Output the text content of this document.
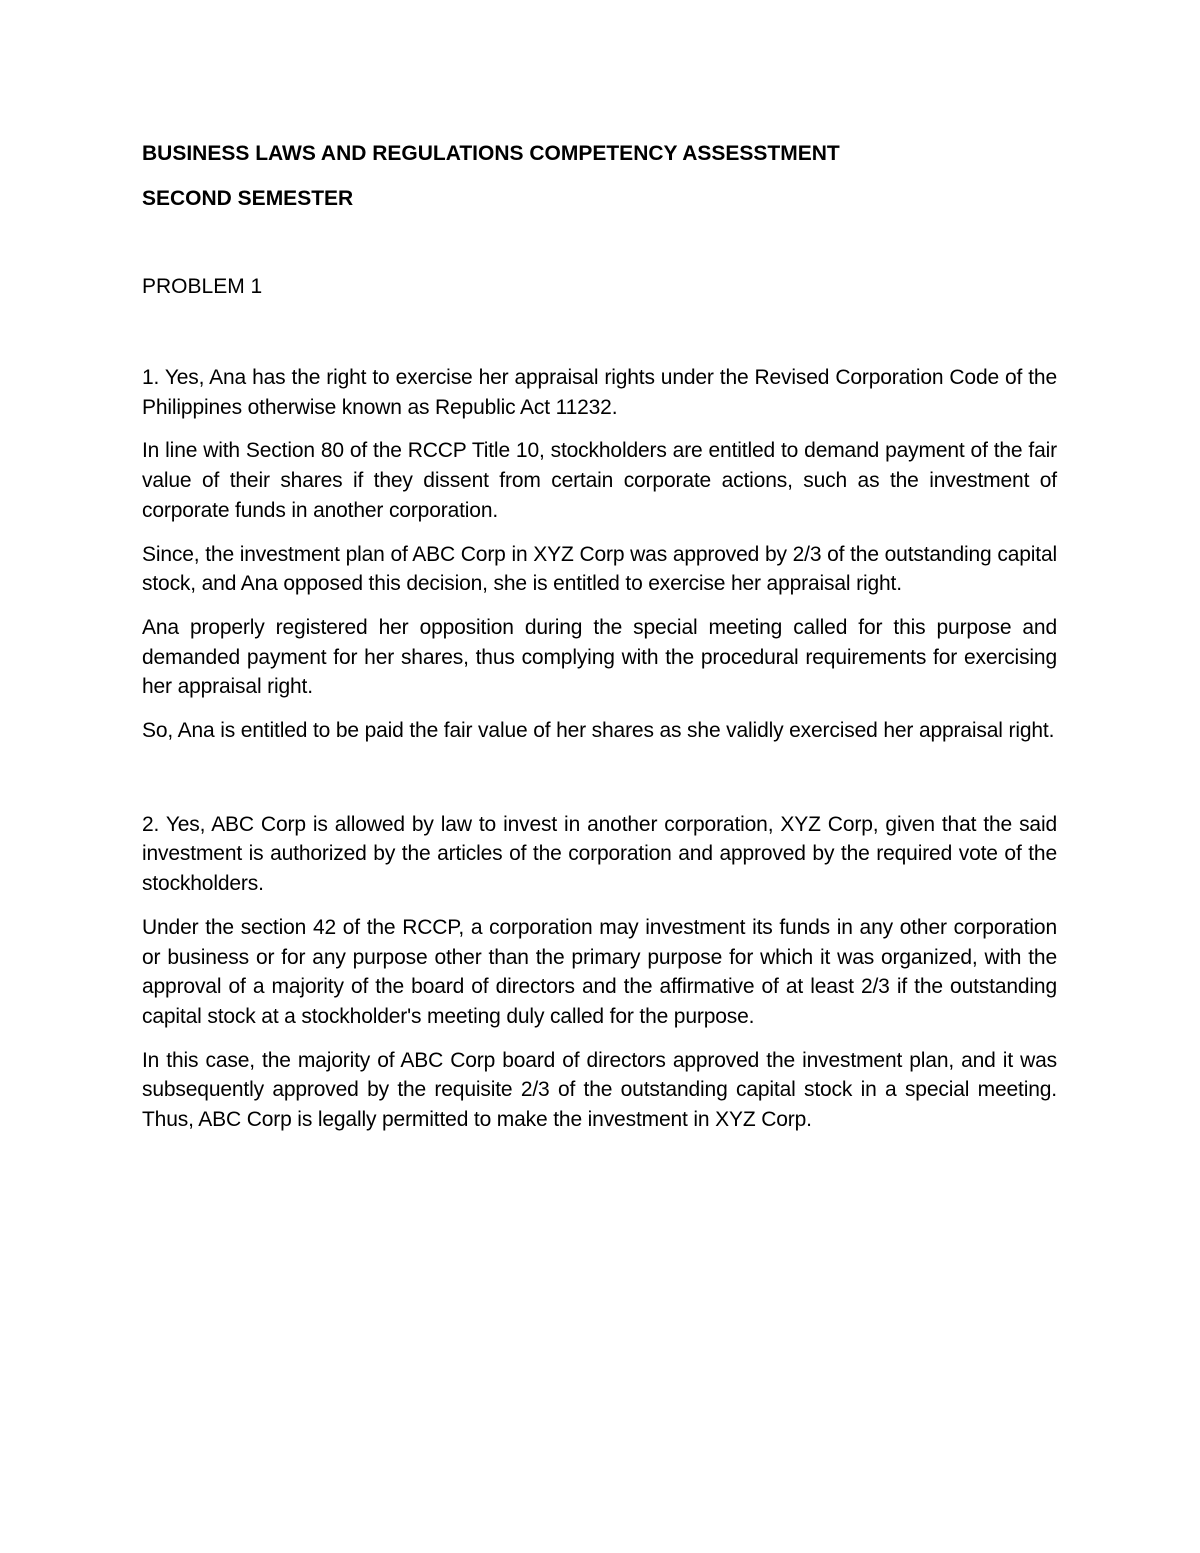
BUSINESS LAWS AND REGULATIONS COMPETENCY ASSESSTMENT
SECOND SEMESTER
PROBLEM 1

1. Yes, Ana has the right to exercise her appraisal rights under the Revised Corporation Code of the Philippines otherwise known as Republic Act 11232.

In line with Section 80 of the RCCP Title 10, stockholders are entitled to demand payment of the fair value of their shares if they dissent from certain corporate actions, such as the investment of corporate funds in another corporation.

Since, the investment plan of ABC Corp in XYZ Corp was approved by 2/3 of the outstanding capital stock, and Ana opposed this decision, she is entitled to exercise her appraisal right.

Ana properly registered her opposition during the special meeting called for this purpose and demanded payment for her shares, thus complying with the procedural requirements for exercising her appraisal right.

So, Ana is entitled to be paid the fair value of her shares as she validly exercised her appraisal right.

2. Yes, ABC Corp is allowed by law to invest in another corporation, XYZ Corp, given that the said investment is authorized by the articles of the corporation and approved by the required vote of the stockholders.

Under the section 42 of the RCCP, a corporation may investment its funds in any other corporation or business or for any purpose other than the primary purpose for which it was organized, with the approval of a majority of the board of directors and the affirmative of at least 2/3 if the outstanding capital stock at a stockholder's meeting duly called for the purpose.

In this case, the majority of ABC Corp board of directors approved the investment plan, and it was subsequently approved by the requisite 2/3 of the outstanding capital stock in a special meeting. Thus, ABC Corp is legally permitted to make the investment in XYZ Corp.
